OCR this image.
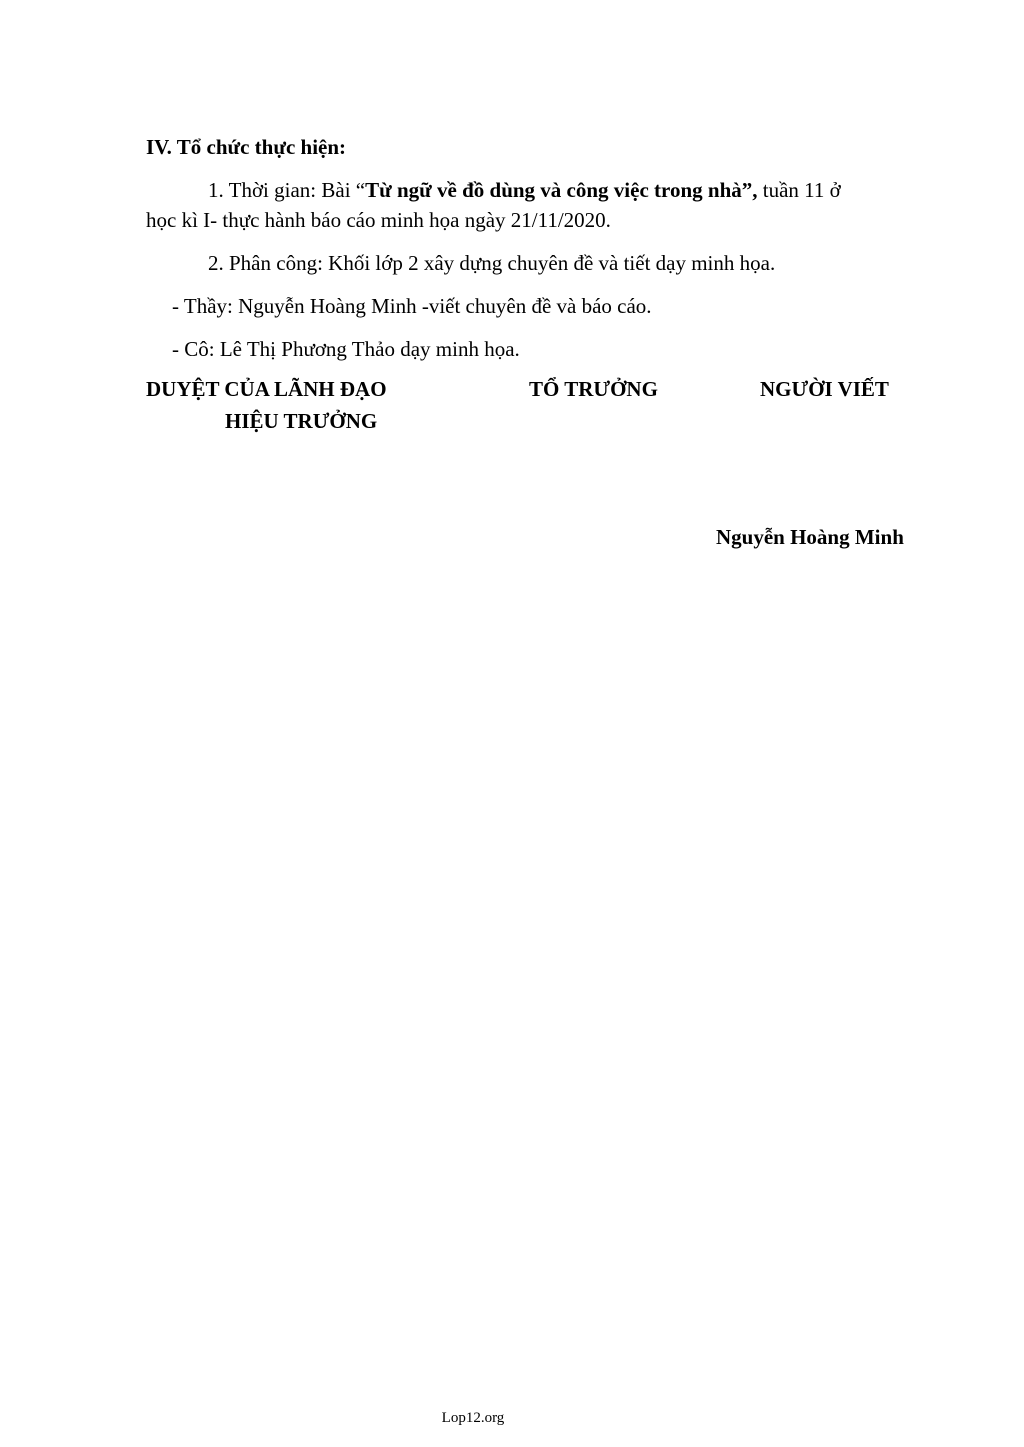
IV. Tổ chức thực hiện:
1. Thời gian: Bài “Từ ngữ về đồ dùng và công việc trong nhà”, tuần 11 ở
học kì I- thực hành báo cáo minh họa ngày 21/11/2020.
2. Phân công: Khối lớp 2 xây dựng chuyên đề và tiết dạy minh họa.
- Thầy: Nguyễn Hoàng Minh -viết chuyên đề và báo cáo.
- Cô: Lê Thị Phương Thảo dạy minh họa.
DUYỆT CỦA LÃNH ĐẠO	TỔ TRƯỞNG	NGƯỜI VIẾT
HIỆU TRƯỞNG
Nguyễn Hoàng Minh
Lop12.org
